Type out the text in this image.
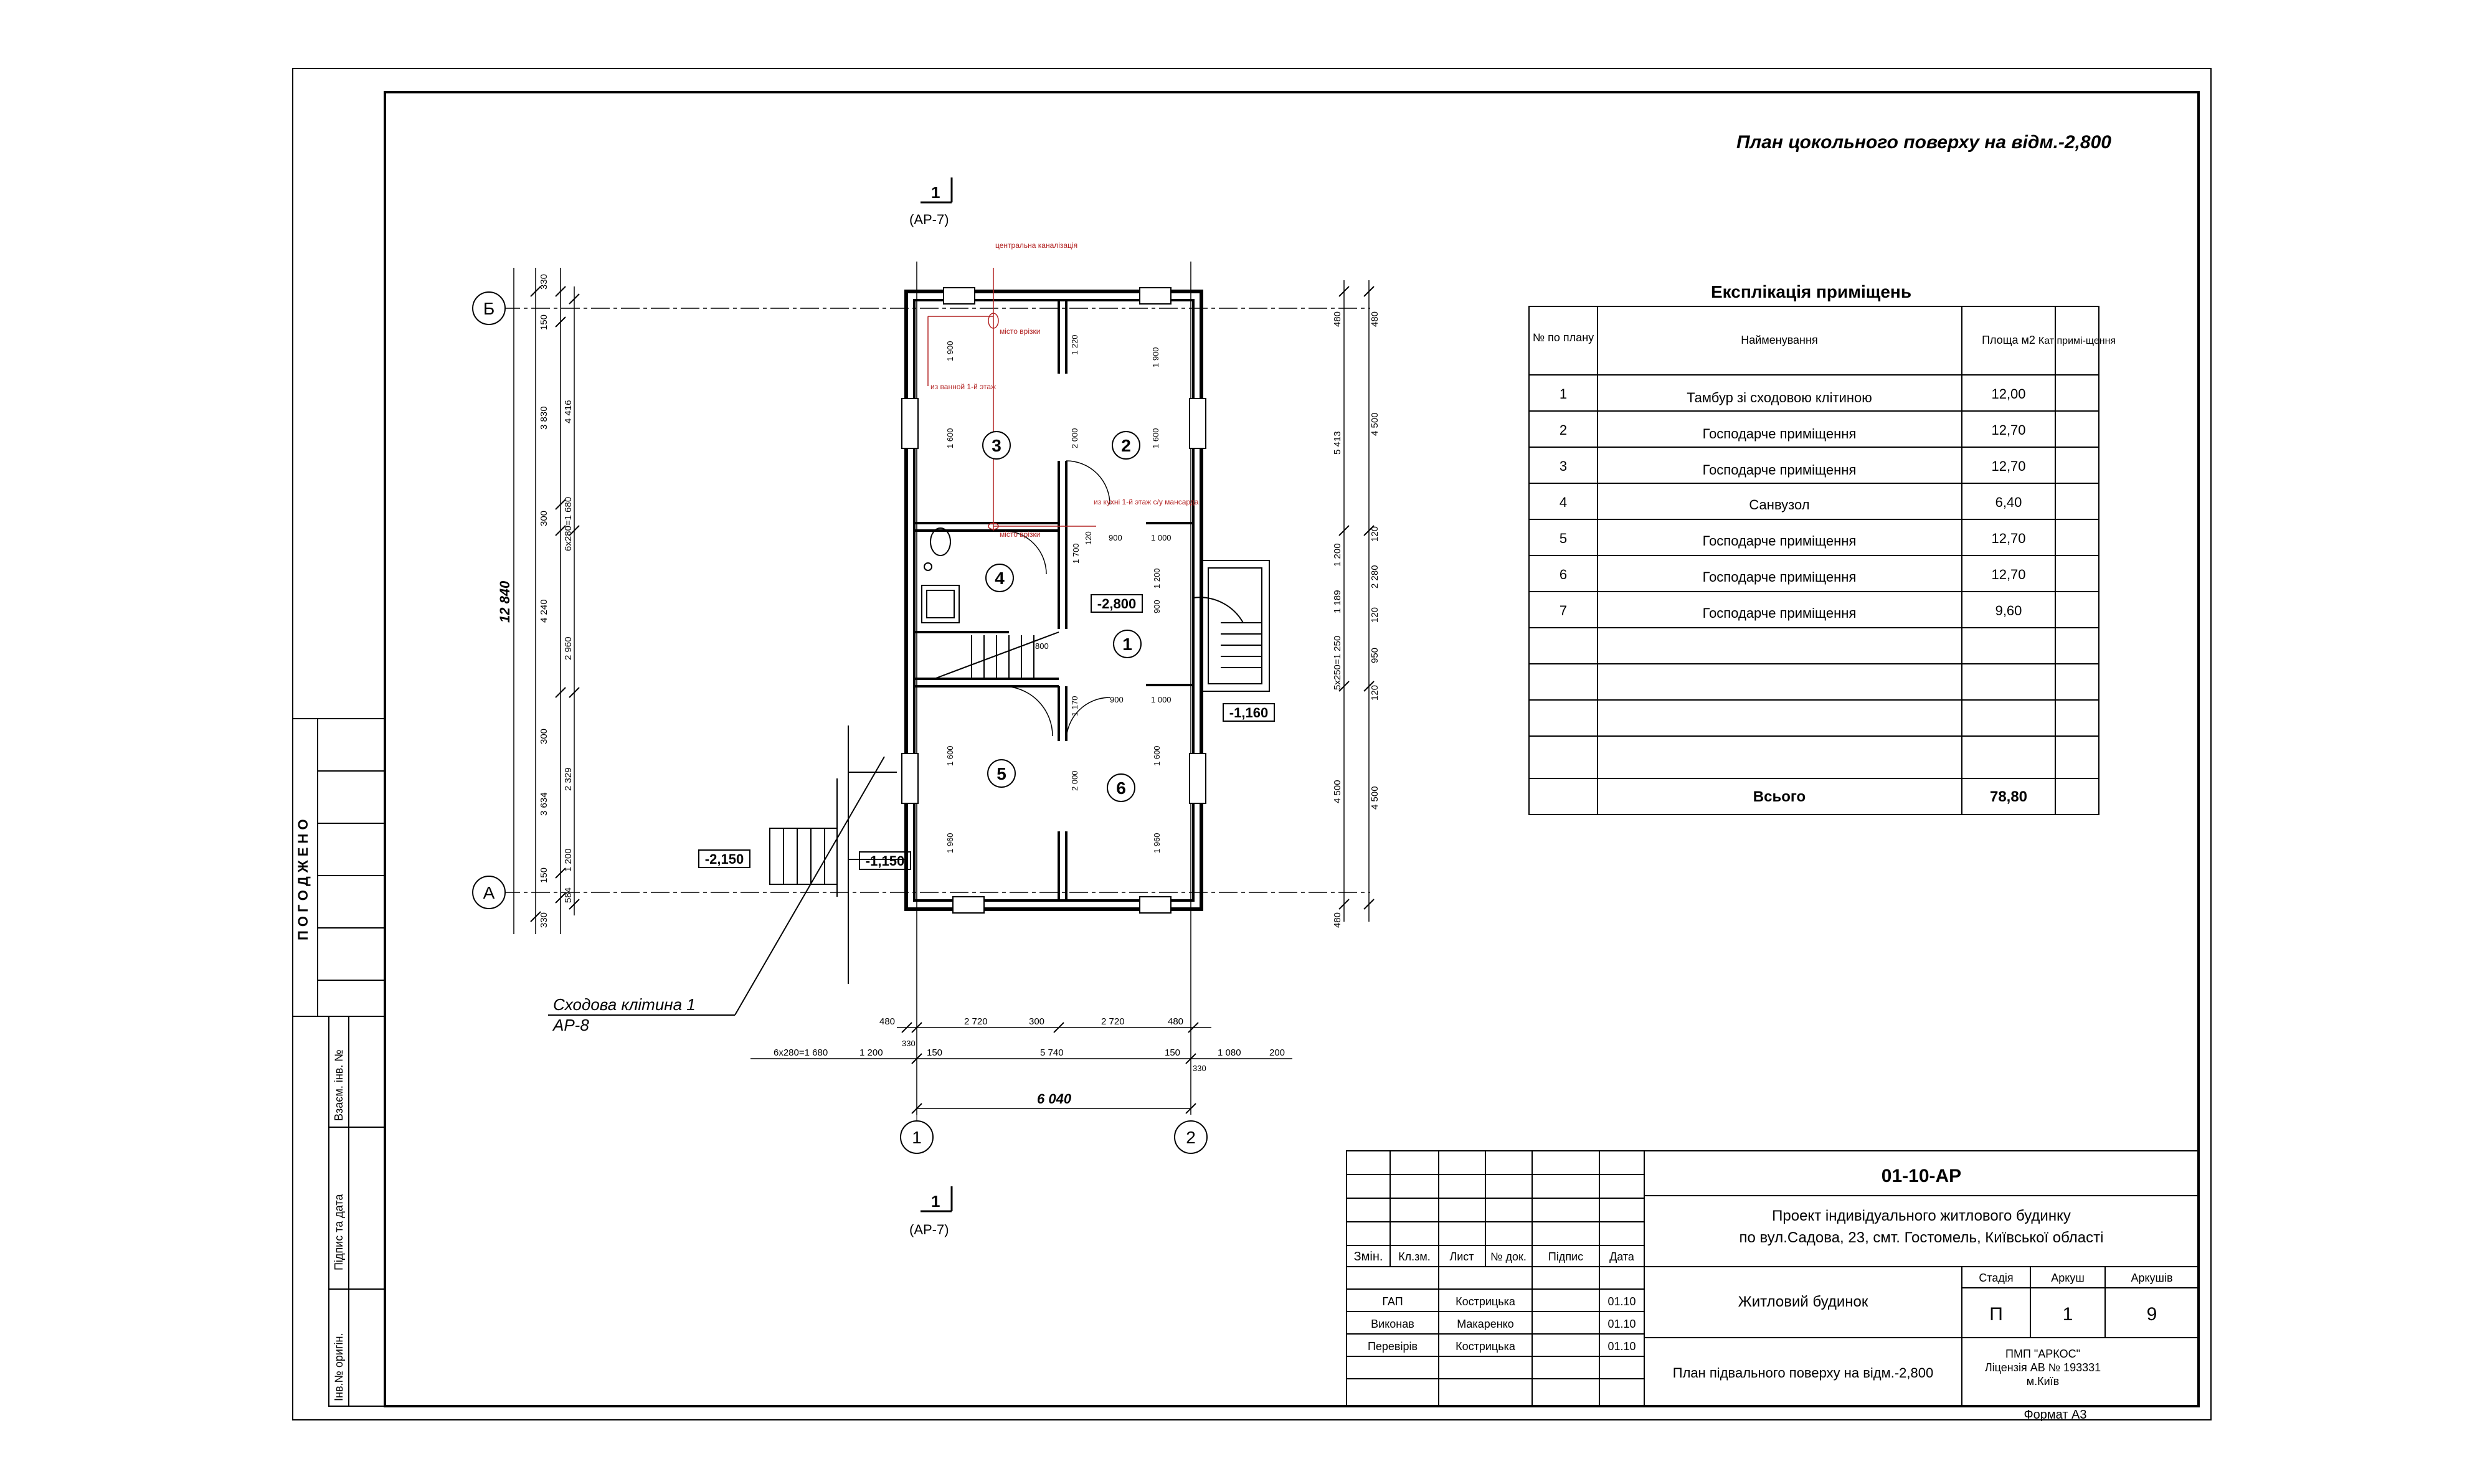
П О Г О Д Ж Е Н О
Взаєм. інв. №
Підпис та дата
Інв.№ оригін.
План цокольного поверху на відм.-2,800
центральна каналізація
місто врізки
из ванной 1-й этаж
из кухні 1-й этаж с/у мансарда
місто врізки
Б
А
1	2
1
(АР-7)
1
(АР-7)
3	2
4
1
5
6
-2,800
-1,160
-2,150	-1,150
Сходова клітина 1
АР-8
12 840
330
150
3 830
300
4 240
300
3 634
150
330
4 416
6x280=1 680
2 960
2 329
1 200
584
480
5 413
1 200
1 189
5x250=1 250
4 500
480
480
4 500
120
2 280
120
950
120
4 500
480	2 720	300	2 720	480
6x280=1 680	1 200
330
150	5 740	150	1 080	200
330
6 040
1 900
1 600	2 000
1 220
1 900
1 600
900	1 000
1 200
1 700
120
900
800
1 170	900	1 000
1 600
1 960
2 000
1 600
1 960
Експлікація приміщень
№ по плану	Найменування	Площа м2 Кат примі-щення
1	Тамбур зі сходовою клітиною	12,00
2	Господарче приміщення	12,70
3	Господарче приміщення	12,70
4	Санвузол	6,40
5	Господарче приміщення	12,70
6	Господарче приміщення	12,70
7	Господарче приміщення	9,60
Всього	78,80
Змін. Кл.зм. Лист № док. Підпис Дата
ГАП	Кострицька	01.10
Виконав	Макаренко	01.10
Перевірів	Кострицька	01.10
01-10-АР
Проект індивідуального житлового будинку
по вул.Садова, 23, смт. Гостомель, Київської області
Житловий будинок
План підвального поверху на відм.-2,800
Стадія	Аркуш	Аркушів
П	1	9
ПМП "АРКОС"
Ліцензія АВ № 193331
м.Київ
Формат А3
